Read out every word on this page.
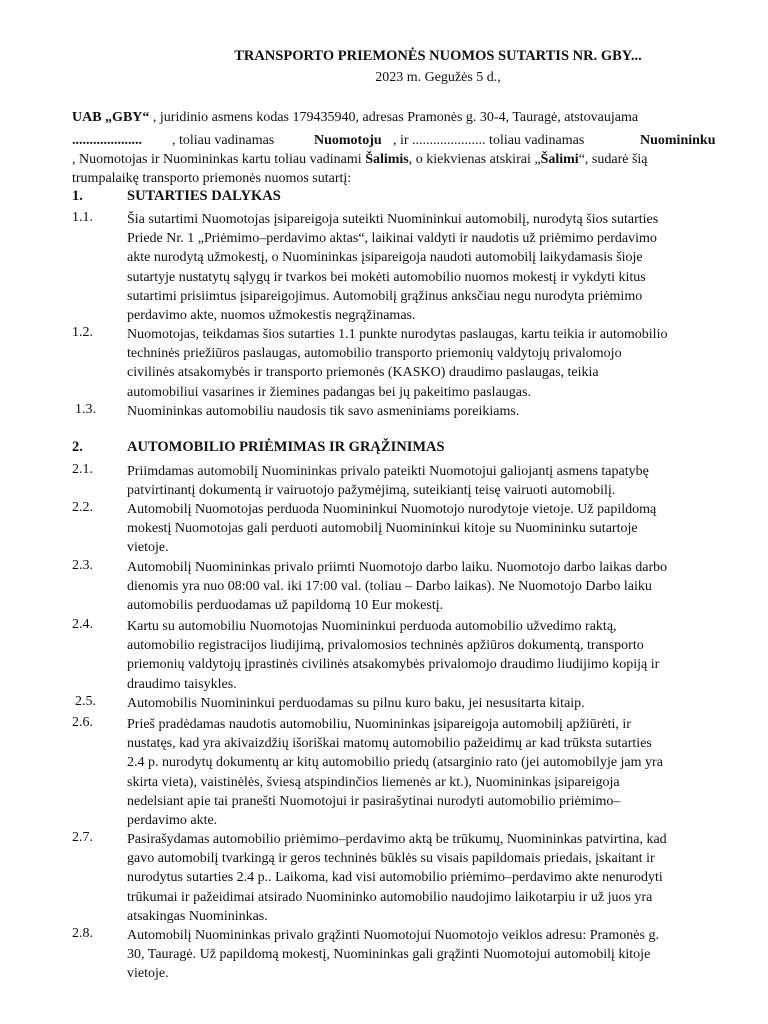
TRANSPORTO PRIEMONĖS NUOMOS SUTARTIS NR. GBY...
2023 m. Gegužės 5 d.,
UAB „GBY“ , juridinio asmens kodas 179435940, adresas Pramonės g. 30-4, Tauragė, atstovaujama
.................... , toliau vadinamas	Nuomotoju , ir ..................... toliau vadinamas	Nuomininku
, Nuomotojas ir Nuomininkas kartu toliau vadinami Šalimis, o kiekvienas atskirai „Šalimi“, sudarė šią
trumpalaikę transporto priemonės nuomos sutartį:
1.	SUTARTIES DALYKAS
1.1. Šia sutartimi Nuomotojas įsipareigoja suteikti Nuomininkui automobilį, nurodytą šios sutarties
Priede Nr. 1 „Priėmimo–perdavimo aktas“, laikinai valdyti ir naudotis už priėmimo perdavimo
akte nurodytą užmokestį, o Nuomininkas įsipareigoja naudoti automobilį laikydamasis šioje
sutartyje nustatytų sąlygų ir tvarkos bei mokėti automobilio nuomos mokestį ir vykdyti kitus
sutartimi prisiimtus įsipareigojimus. Automobilį grąžinus anksčiau negu nurodyta priėmimo
perdavimo akte, nuomos užmokestis negrąžinamas.
1.2. Nuomotojas, teikdamas šios sutarties 1.1 punkte nurodytas paslaugas, kartu teikia ir automobilio
techninės priežiūros paslaugas, automobilio transporto priemonių valdytojų privalomojo
civilinės atsakomybės ir transporto priemonės (KASKO) draudimo paslaugas, teikia
automobiliui vasarines ir žiemines padangas bei jų pakeitimo paslaugas.
1.3. Nuomininkas automobiliu naudosis tik savo asmeniniams poreikiams.
2.	AUTOMOBILIO PRIĖMIMAS IR GRĄŽINIMAS
2.1. Priimdamas automobilį Nuomininkas privalo pateikti Nuomotojui galiojantį asmens tapatybę
patvirtinantį dokumentą ir vairuotojo pažymėjimą, suteikiantį teisę vairuoti automobilį.
2.2. Automobilį Nuomotojas perduoda Nuomininkui Nuomotojo nurodytoje vietoje. Už papildomą
mokestį Nuomotojas gali perduoti automobilį Nuomininkui kitoje su Nuomininku sutartoje
vietoje.
2.3. Automobilį Nuomininkas privalo priimti Nuomotojo darbo laiku. Nuomotojo darbo laikas darbo
dienomis yra nuo 08:00 val. iki 17:00 val. (toliau – Darbo laikas). Ne Nuomotojo Darbo laiku
automobilis perduodamas už papildomą 10 Eur mokestį.
2.4. Kartu su automobiliu Nuomotojas Nuomininkui perduoda automobilio užvedimo raktą,
automobilio registracijos liudijimą, privalomosios techninės apžiūros dokumentą, transporto
priemonių valdytojų įprastinės civilinės atsakomybės privalomojo draudimo liudijimo kopiją ir
draudimo taisykles.
2.5. Automobilis Nuomininkui perduodamas su pilnu kuro baku, jei nesusitarta kitaip.
2.6. Prieš pradėdamas naudotis automobiliu, Nuomininkas įsipareigoja automobilį apžiūrėti, ir
nustatęs, kad yra akivaizdžių išoriškai matomų automobilio pažeidimų ar kad trūksta sutarties
2.4 p. nurodytų dokumentų ar kitų automobilio priedų (atsarginio rato (jei automobilyje jam yra
skirta vieta), vaistinėlės, šviesą atspindinčios liemenės ar kt.), Nuomininkas įsipareigoja
nedelsiant apie tai pranešti Nuomotojui ir pasirašytinai nurodyti automobilio priėmimo–
perdavimo akte.
2.7. Pasirašydamas automobilio priėmimo–perdavimo aktą be trūkumų, Nuomininkas patvirtina, kad
gavo automobilį tvarkingą ir geros techninės būklės su visais papildomais priedais, įskaitant ir
nurodytus sutarties 2.4 p.. Laikoma, kad visi automobilio priėmimo–perdavimo akte nenurodyti
trūkumai ir pažeidimai atsirado Nuomininko automobilio naudojimo laikotarpiu ir už juos yra
atsakingas Nuomininkas.
2.8. Automobilį Nuomininkas privalo grąžinti Nuomotojui Nuomotojo veiklos adresu: Pramonės g.
30, Tauragė. Už papildomą mokestį, Nuomininkas gali grąžinti Nuomotojui automobilį kitoje
vietoje.
